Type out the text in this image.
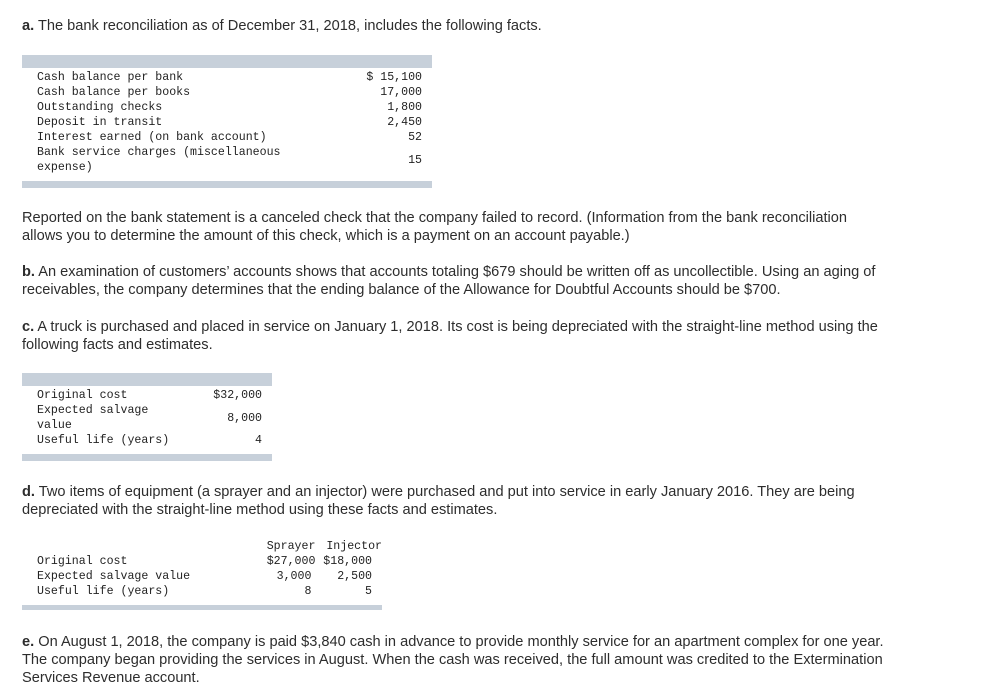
a. The bank reconciliation as of December 31, 2018, includes the following facts.

Cash balance per bank	$ 15,100
Cash balance per books	17,000
Outstanding checks	1,800
Deposit in transit	2,450
Interest earned (on bank account)	52

Bank service charges (miscellaneous
expense)	15

Reported on the bank statement is a canceled check that the company failed to record. (Information from the bank reconciliation
allows you to determine the amount of this check, which is a payment on an account payable.)

b. An examination of customers’ accounts shows that accounts totaling $679 should be written off as uncollectible. Using an aging of
receivables, the company determines that the ending balance of the Allowance for Doubtful Accounts should be $700.

c. A truck is purchased and placed in service on January 1, 2018. Its cost is being depreciated with the straight-line method using the
following facts and estimates.

Original cost	$32,000

Expected salvage
value	8,000
Useful life (years)	4

d. Two items of equipment (a sprayer and an injector) were purchased and put into service in early January 2016. They are being
depreciated with the straight-line method using these facts and estimates.

	Sprayer	Injector
Original cost	$27,000	$18,000
Expected salvage value	3,000	2,500
Useful life (years)	8	5

e. On August 1, 2018, the company is paid $3,840 cash in advance to provide monthly service for an apartment complex for one year.
The company began providing the services in August. When the cash was received, the full amount was credited to the Extermination
Services Revenue account.
